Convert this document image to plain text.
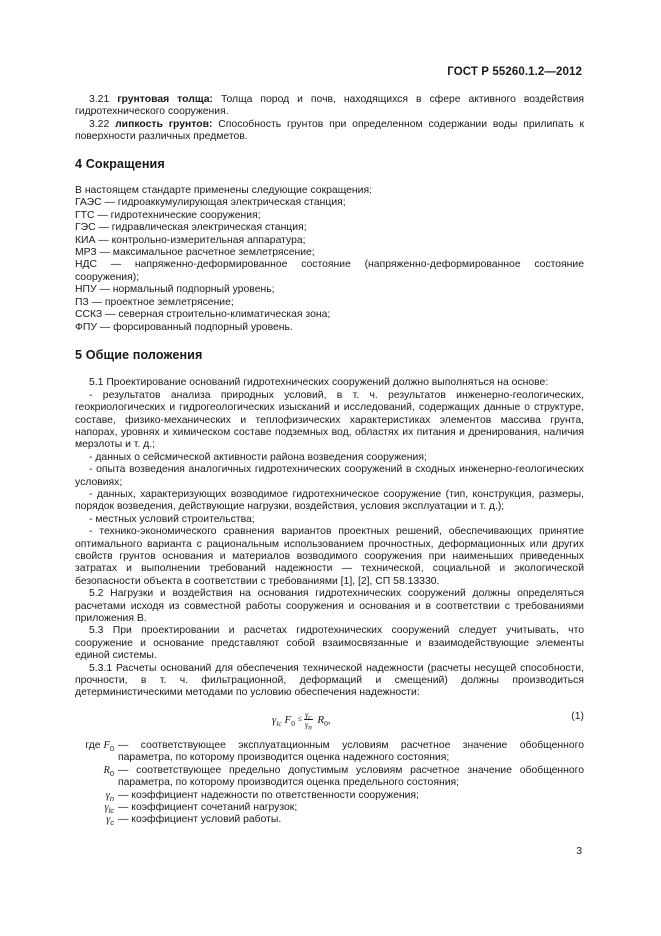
ГОСТ Р 55260.1.2—2012

3.21 грунтовая толща: Толща пород и почв, находящихся в сфере активного воздействия гидротехнического сооружения.

3.22 липкость грунтов: Способность грунтов при определенном содержании воды прилипать к поверхности различных предметов.

4 Сокращения

В настоящем стандарте применены следующие сокращения:

ГАЭС — гидроаккумулирующая электрическая станция;

ГТС — гидротехнические сооружения;

ГЭС — гидравлическая электрическая станция;

КИА — контрольно-измерительная аппаратура;

МРЗ — максимальное расчетное землетрясение;

НДС — напряженно-деформированное состояние (напряженно-деформированное состояние сооружения);

НПУ — нормальный подпорный уровень;

ПЗ — проектное землетрясение;

ССКЗ — северная строительно-климатическая зона;

ФПУ — форсированный подпорный уровень.

5 Общие положения

5.1 Проектирование оснований гидротехнических сооружений должно выполняться на основе:

- результатов анализа природных условий, в т. ч. результатов инженерно-геологических, геокриологических и гидрогеологических изысканий и исследований, содержащих данные о структуре, составе, физико-механических и теплофизических характеристиках элементов массива грунта, напорах, уровнях и химическом составе подземных вод, областях их питания и дренирования, наличия мерзлоты и т. д.;

- данных о сейсмической активности района возведения сооружения;

- опыта возведения аналогичных гидротехнических сооружений в сходных инженерно-геологических условиях;

- данных, характеризующих возводимое гидротехническое сооружение (тип, конструкция, размеры, порядок возведения, действующие нагрузки, воздействия, условия эксплуатации и т. д.);

- местных условий строительства;

- технико-экономического сравнения вариантов проектных решений, обеспечивающих принятие оптимального варианта с рациональным использованием прочностных, деформационных или других свойств грунтов основания и материалов возводимого сооружения при наименьших приведенных затратах и выполнении требований надежности — технической, социальной и экологической безопасности объекта в соответствии с требованиями [1], [2], СП 58.13330.

5.2 Нагрузки и воздействия на основания гидротехнических сооружений должны определяться расчетами исходя из совместной работы сооружения и основания и в соответствии с требованиями приложения В.

5.3 При проектировании и расчетах гидротехнических сооружений следует учитывать, что сооружение и основание представляют собой взаимосвязанные и взаимодействующие элементы единой системы.

5.3.1 Расчеты оснований для обеспечения технической надежности (расчеты несущей способности, прочности, в т. ч. фильтрационной, деформаций и смещений) должны производиться детерминистическими методами по условию обеспечения надежности:

$\gamma_{lc}$ $F_0 \le \frac{\gamma_c}{\gamma_n} R_0$,	(1)
где $F_0$ — соответствующее эксплуатационным условиям расчетное значение обобщенного параметра, по которому производится оценка надежного состояния;
$R_0$ — соответствующее предельно допустимым условиям расчетное значение обобщенного параметра, по которому производится оценка предельного состояния;
$\gamma_n$ — коэффициент надежности по ответственности сооружения;
$\gamma_{lc}$ — коэффициент сочетаний нагрузок;
$\gamma_c$ — коэффициент условий работы.
3
